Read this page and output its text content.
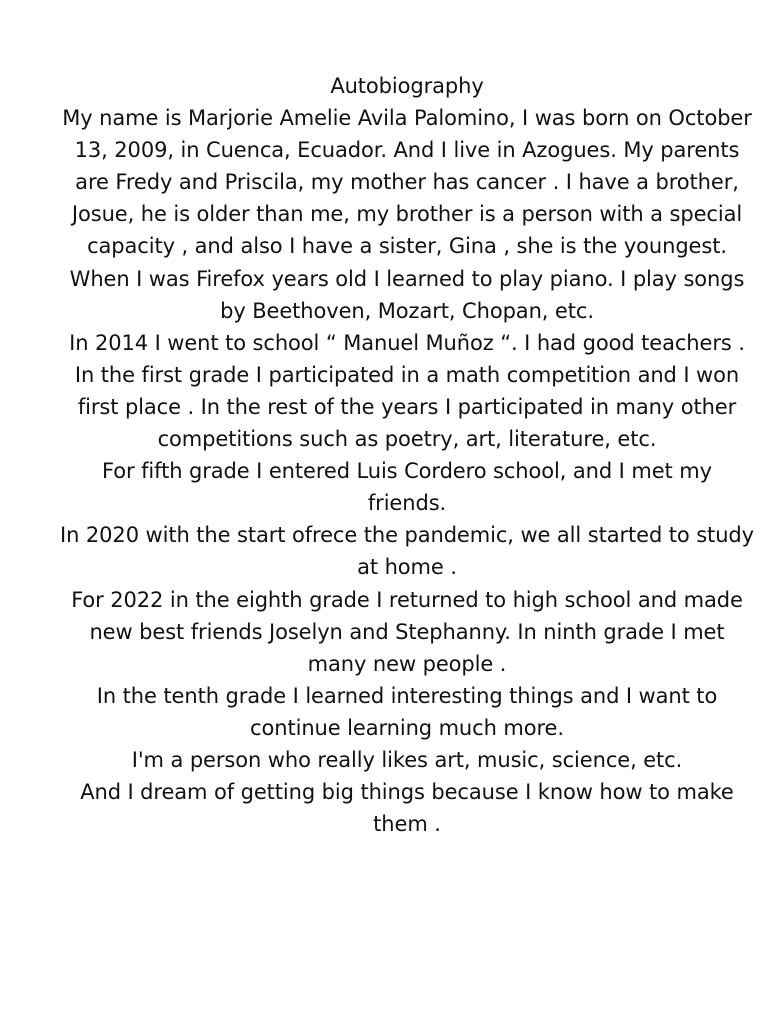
Autobiography

My name is Marjorie Amelie Avila Palomino, I was born on October 13, 2009, in Cuenca, Ecuador. And I live in Azogues. My parents are Fredy and Priscila, my mother has cancer . I have a brother, Josue, he is older than me, my brother is a person with a special capacity , and also I have a sister, Gina , she is the youngest.

When I was Firefox years old I learned to play piano. I play songs by Beethoven, Mozart, Chopan, etc.

In 2014 I went to school “ Manuel Muñoz “. I had good teachers .

In the first grade I participated in a math competition and I won first place . In the rest of the years I participated in many other competitions such as poetry, art, literature, etc.

For fifth grade I entered Luis Cordero school, and I met my friends.

In 2020 with the start ofrece the pandemic, we all started to study at home .

For 2022 in the eighth grade I returned to high school and made new best friends Joselyn and Stephanny. In ninth grade I met many new people .

In the tenth grade I learned interesting things and I want to continue learning much more.

I'm a person who really likes art, music, science, etc.

And I dream of getting big things because I know how to make them .
